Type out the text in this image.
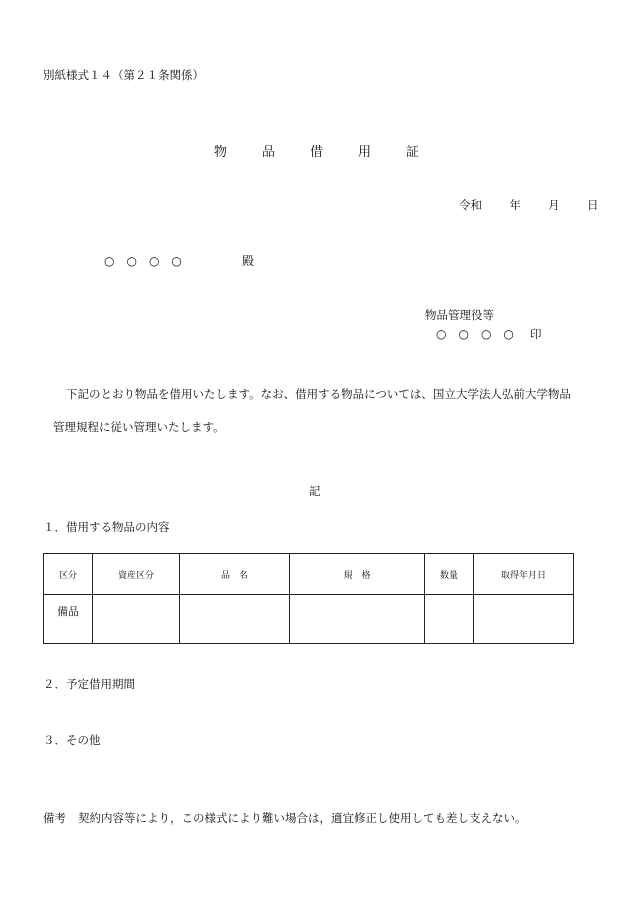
別紙様式１４（第２１条関係）
物	品	借	用	証
令和 年 月 日
○　○　○　○	殿
物品管理役等
○　○　○　○ 印
下記のとおり物品を借用いたします。なお、借用する物品については、国立大学法人弘前大学物品
管理規程に従い管理いたします。
記
１．借用する物品の内容
区分	資産区分	品　名	規　格	数量	取得年月日
備品					
２．予定借用期間
３．その他
備考 契約内容等により，この様式により難い場合は，適宜修正し使用しても差し支えない。
